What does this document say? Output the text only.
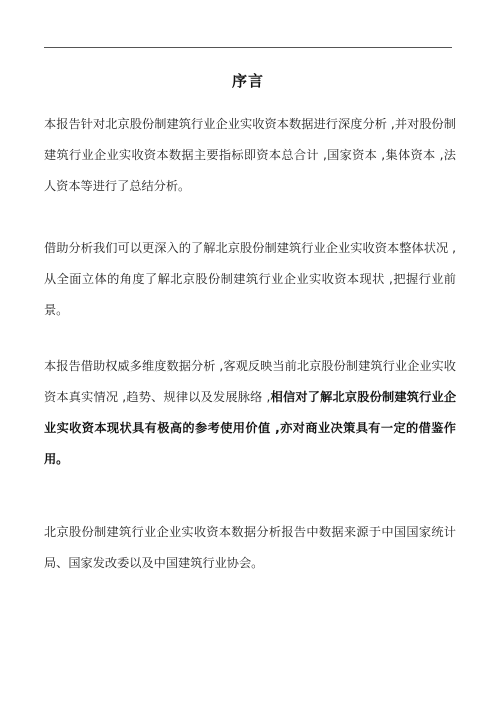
序言
本报告针对北京股份制建筑行业企业实收资本数据进行深度分析 ,并对股份制建筑行业企业实收资本数据主要指标即资本总合计 ,国家资本 ,集体资本 ,法人资本等进行了总结分析。
借助分析我们可以更深入的了解北京股份制建筑行业企业实收资本整体状况 ,从全面立体的角度了解北京股份制建筑行业企业实收资本现状 ,把握行业前景。
本报告借助权威多维度数据分析 ,客观反映当前北京股份制建筑行业企业实收资本真实情况 ,趋势、规律以及发展脉络 ,相信对了解北京股份制建筑行业企业实收资本现状具有极高的参考使用价值 ,亦对商业决策具有一定的借鉴作用。
北京股份制建筑行业企业实收资本数据分析报告中数据来源于中国国家统计局、国家发改委以及中国建筑行业协会。
